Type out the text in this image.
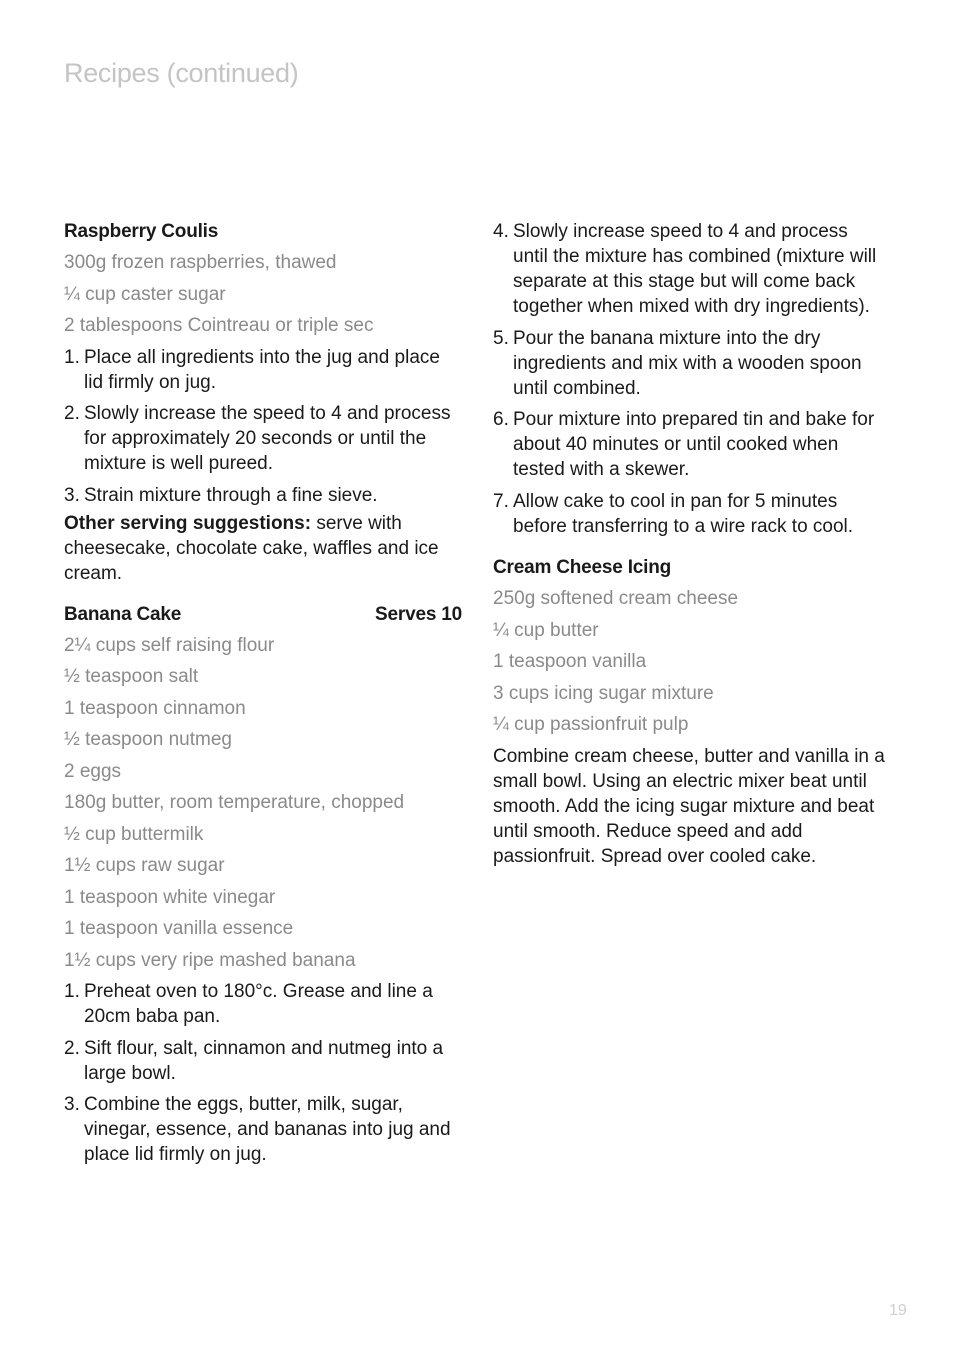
Recipes (continued)
Raspberry Coulis
300g frozen raspberries, thawed
¼ cup caster sugar
2 tablespoons Cointreau or triple sec
1. Place all ingredients into the jug and place lid firmly on jug.
2. Slowly increase the speed to 4 and process for approximately 20 seconds or until the mixture is well pureed.
3. Strain mixture through a fine sieve.
Other serving suggestions: serve with cheesecake, chocolate cake, waffles and ice cream.
Banana Cake	Serves 10
2¼ cups self raising flour
½ teaspoon salt
1 teaspoon cinnamon
½ teaspoon nutmeg
2 eggs
180g butter, room temperature, chopped
½ cup buttermilk
1½ cups raw sugar
1 teaspoon white vinegar
1 teaspoon vanilla essence
1½ cups very ripe mashed banana
1. Preheat oven to 180°c. Grease and line a 20cm baba pan.
2. Sift flour, salt, cinnamon and nutmeg into a large bowl.
3. Combine the eggs, butter, milk, sugar, vinegar, essence, and bananas into jug and place lid firmly on jug.
4. Slowly increase speed to 4 and process until the mixture has combined (mixture will separate at this stage but will come back together when mixed with dry ingredients).
5. Pour the banana mixture into the dry ingredients and mix with a wooden spoon until combined.
6. Pour mixture into prepared tin and bake for about 40 minutes or until cooked when tested with a skewer.
7. Allow cake to cool in pan for 5 minutes before transferring to a wire rack to cool.
Cream Cheese Icing
250g softened cream cheese
¼ cup butter
1 teaspoon vanilla
3 cups icing sugar mixture
¼ cup passionfruit pulp
Combine cream cheese, butter and vanilla in a small bowl. Using an electric mixer beat until smooth. Add the icing sugar mixture and beat until smooth. Reduce speed and add passionfruit. Spread over cooled cake.
19
